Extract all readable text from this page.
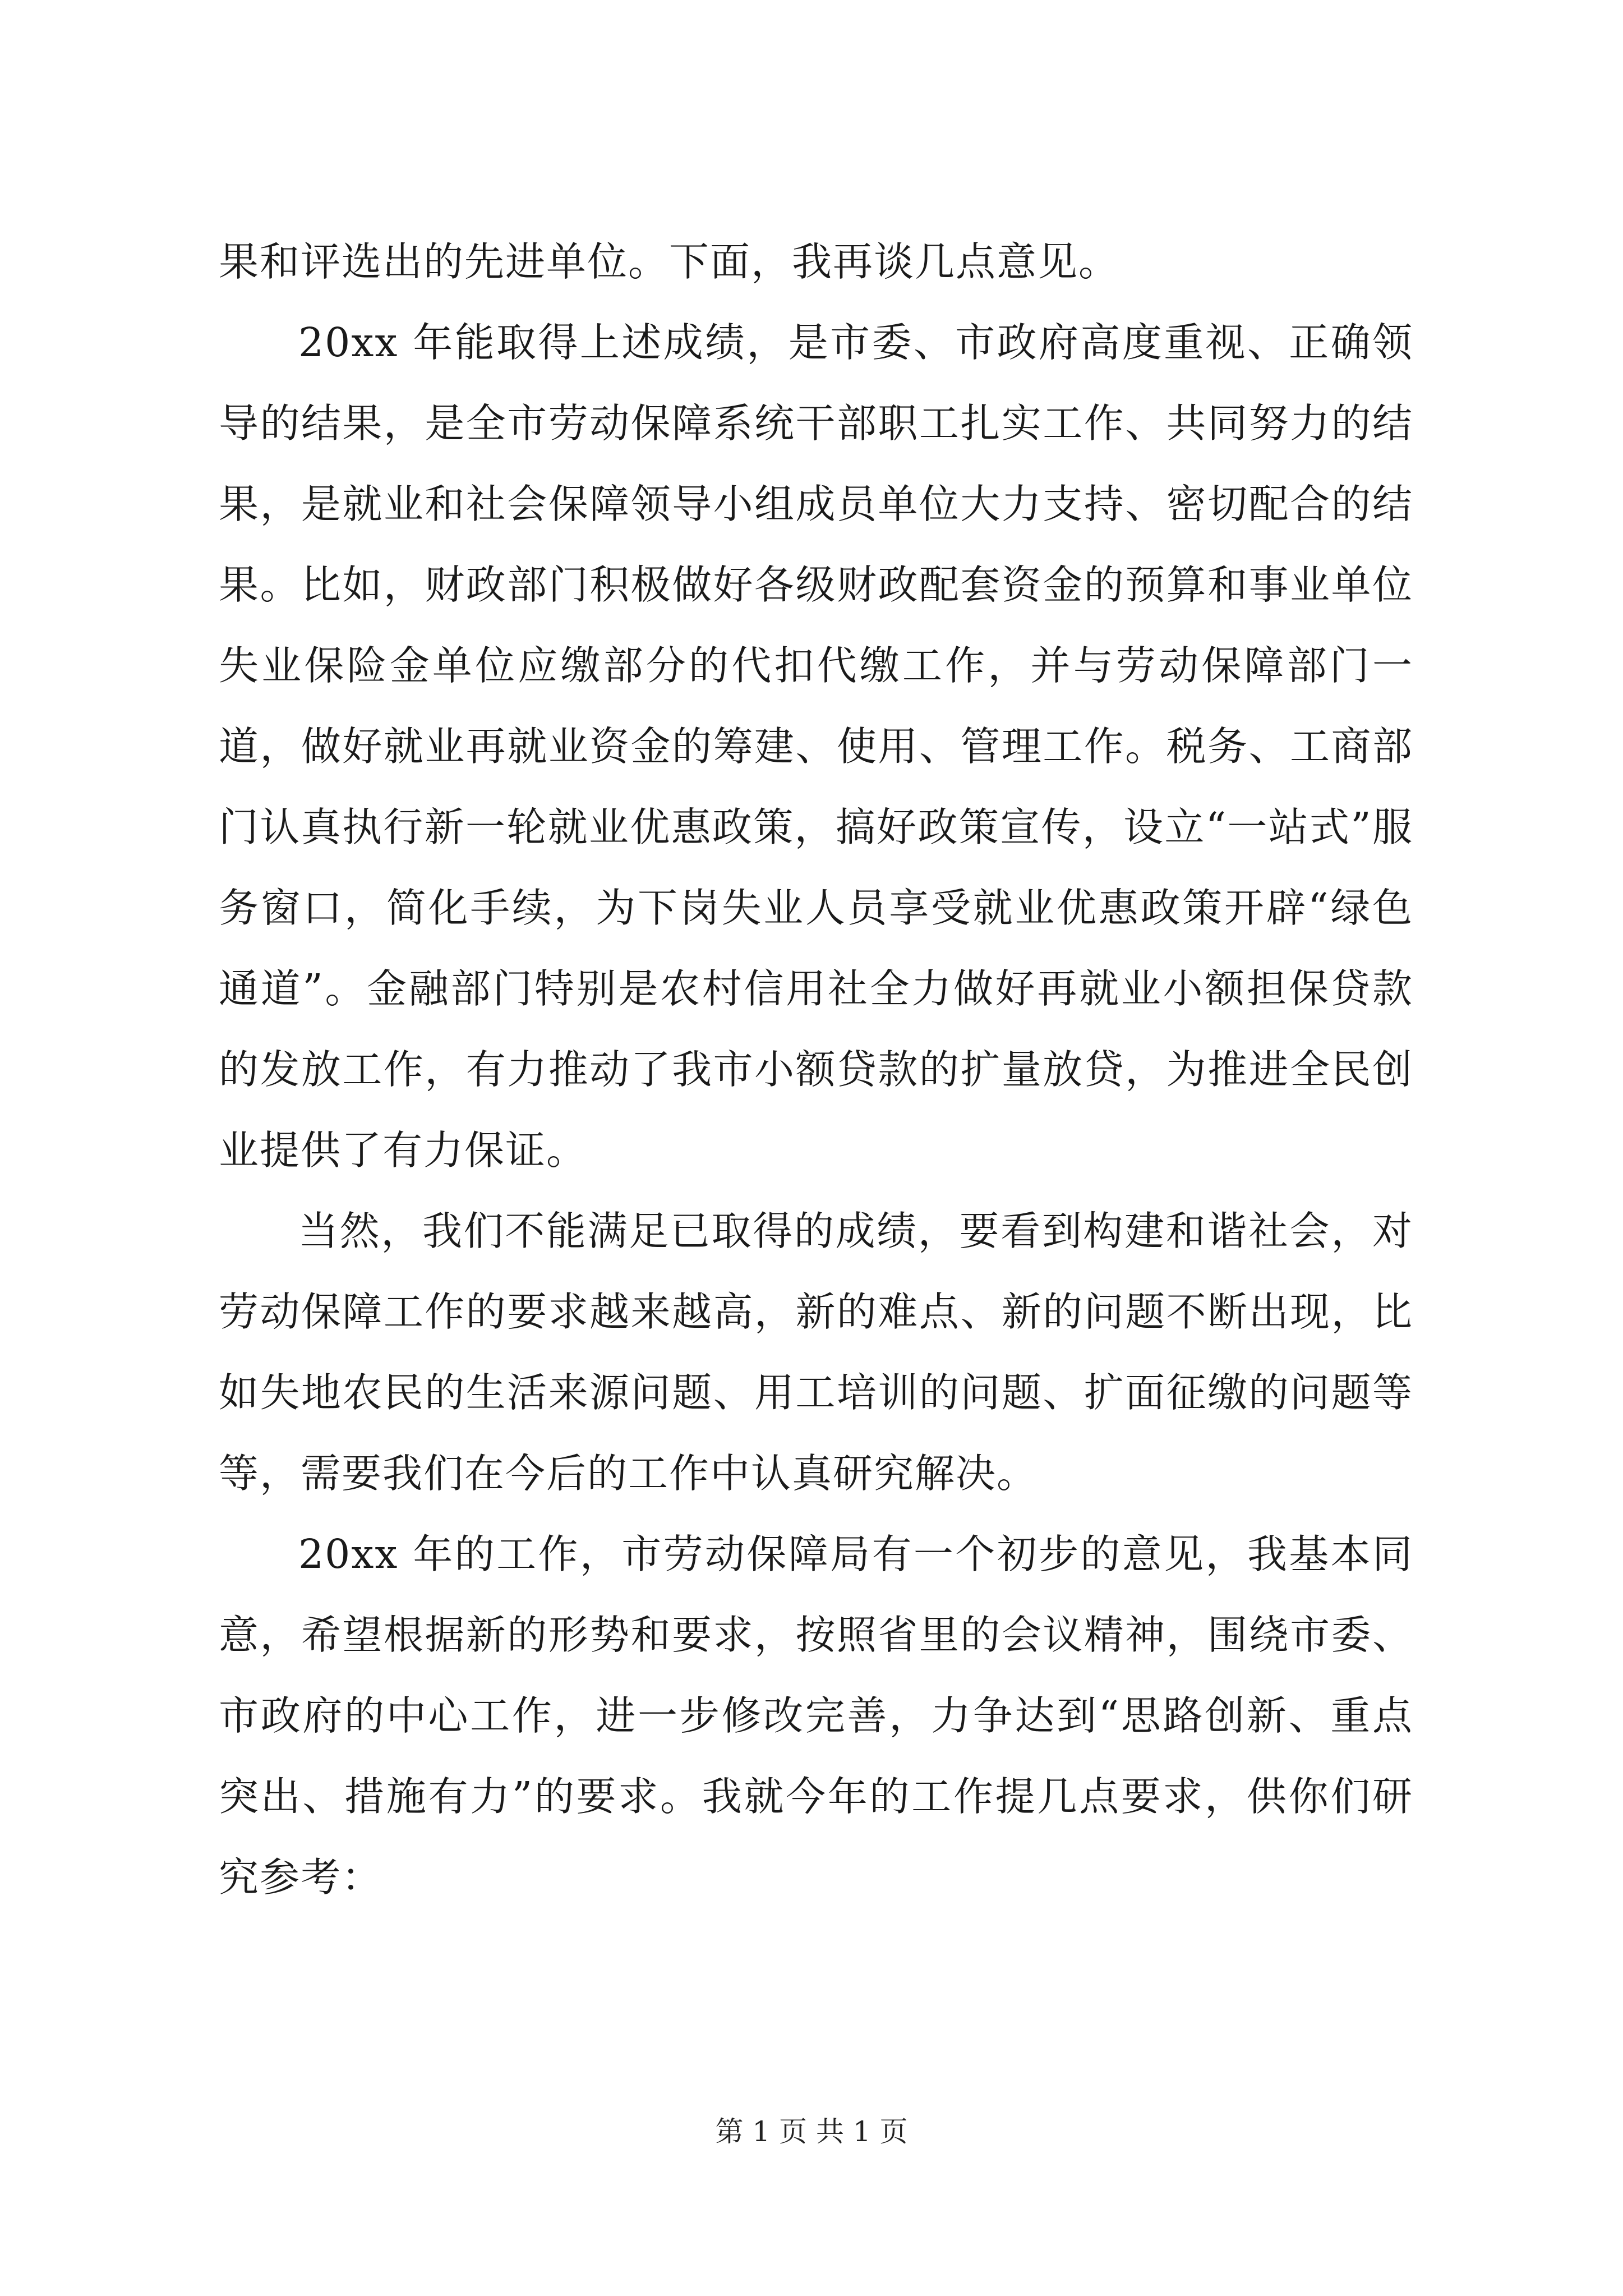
果和评选出的先进单位。下面，我再谈几点意见。

20xx 年能取得上述成绩，是市委、市政府高度重视、正确领导的结果，是全市劳动保障系统干部职工扎实工作、共同努力的结果，是就业和社会保障领导小组成员单位大力支持、密切配合的结果。比如，财政部门积极做好各级财政配套资金的预算和事业单位失业保险金单位应缴部分的代扣代缴工作，并与劳动保障部门一道，做好就业再就业资金的筹建、使用、管理工作。税务、工商部门认真执行新一轮就业优惠政策，搞好政策宣传，设立“一站式”服务窗口，简化手续，为下岗失业人员享受就业优惠政策开辟“绿色通道”。金融部门特别是农村信用社全力做好再就业小额担保贷款的发放工作，有力推动了我市小额贷款的扩量放贷，为推进全民创业提供了有力保证。

当然，我们不能满足已取得的成绩，要看到构建和谐社会，对劳动保障工作的要求越来越高，新的难点、新的问题不断出现，比如失地农民的生活来源问题、用工培训的问题、扩面征缴的问题等等，需要我们在今后的工作中认真研究解决。

20xx 年的工作，市劳动保障局有一个初步的意见，我基本同意，希望根据新的形势和要求，按照省里的会议精神，围绕市委、市政府的中心工作，进一步修改完善，力争达到“思路创新、重点突出、措施有力”的要求。我就今年的工作提几点要求，供你们研究参考：

第 1 页 共 1 页
